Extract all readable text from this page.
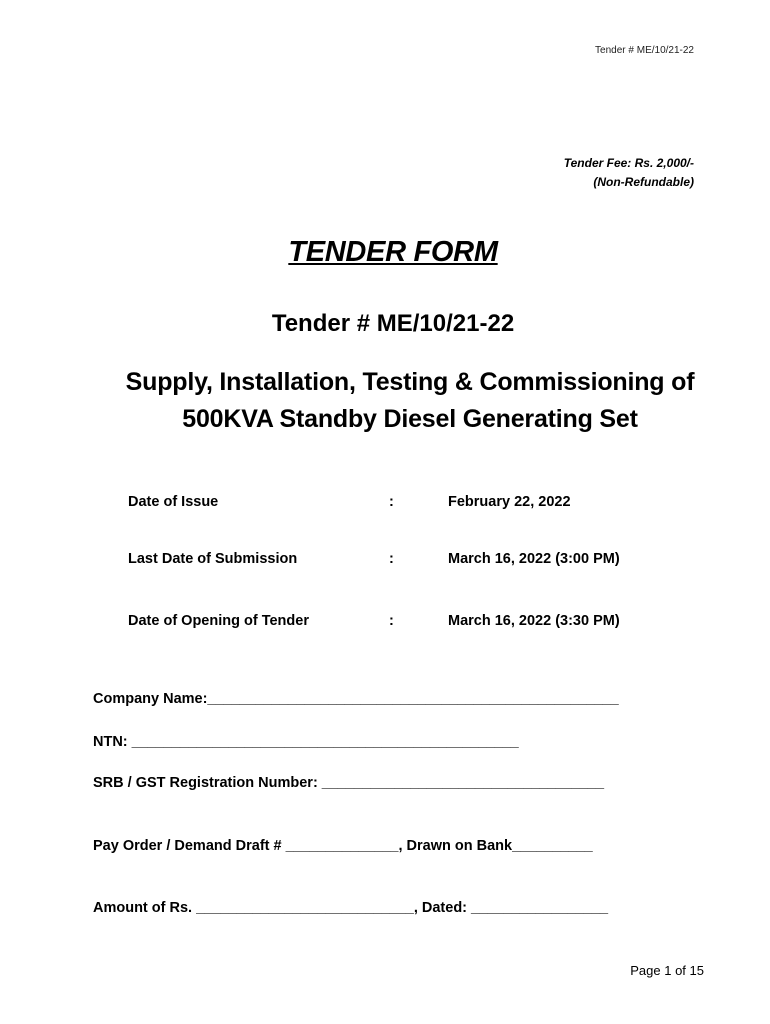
Tender # ME/10/21-22
Tender Fee: Rs. 2,000/-
(Non-Refundable)
TENDER FORM
Tender # ME/10/21-22
Supply, Installation, Testing & Commissioning of 500KVA Standby Diesel Generating Set
Date of Issue	:	February 22, 2022
Last Date of Submission	:	March 16, 2022 (3:00 PM)
Date of Opening of Tender	:	March 16, 2022 (3:30 PM)
Company Name:___________________________________________________
NTN: ________________________________________________
SRB / GST Registration Number: ___________________________________
Pay Order / Demand Draft # ______________, Drawn on Bank__________
Amount of Rs. ___________________________, Dated: _________________
Page 1 of 15
